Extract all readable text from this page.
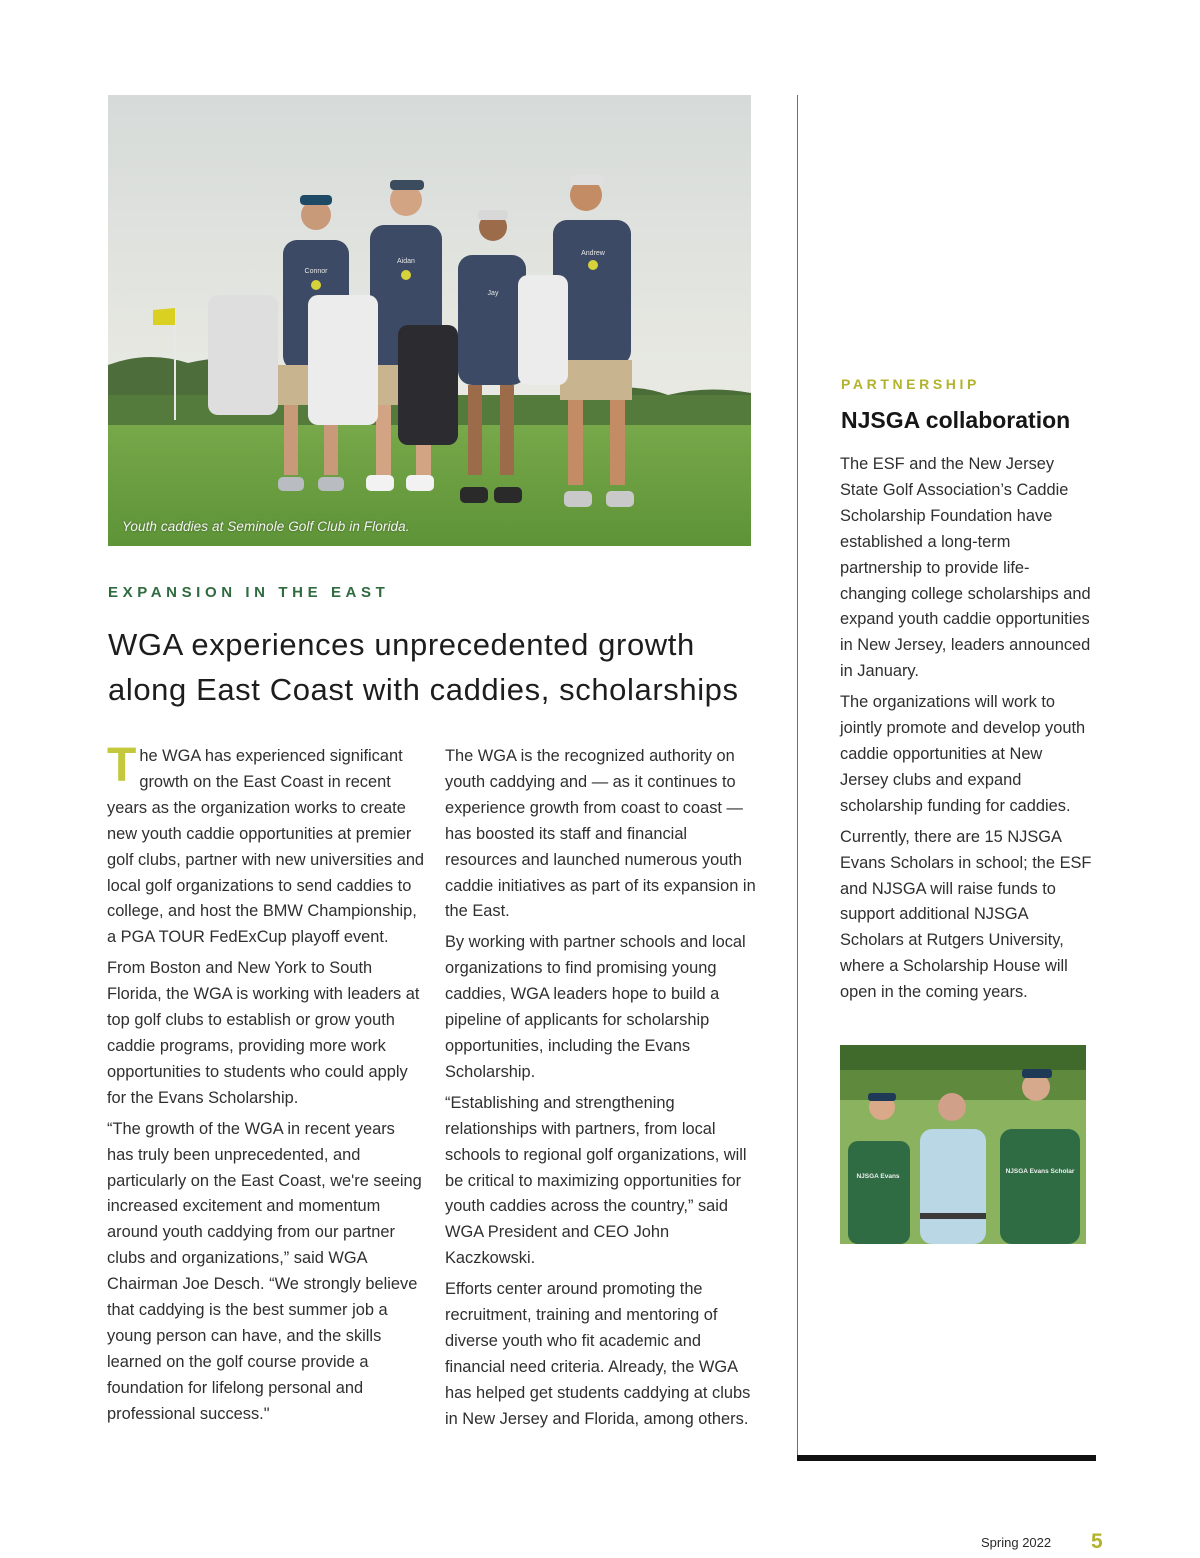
Connor
Aidan
Jay
Andrew
Youth caddies at Seminole Golf Club in Florida.
EXPANSION IN THE EAST
WGA experiences unprecedented growth
along East Coast with caddies, scholarships

The WGA has experienced significant growth on the East Coast in recent years as the organization works to create new youth caddie opportunities at premier golf clubs, partner with new universities and local golf organizations to send caddies to college, and host the BMW Championship, a PGA TOUR FedExCup playoff event.

From Boston and New York to South Florida, the WGA is working with leaders at top golf clubs to establish or grow youth caddie programs, providing more work opportunities to students who could apply for the Evans Scholarship.

“The growth of the WGA in recent years has truly been unprecedented, and particularly on the East Coast, we're seeing increased excitement and momentum around youth caddying from our partner clubs and organizations,” said WGA Chairman Joe Desch. “We strongly believe that caddying is the best summer job a young person can have, and the skills learned on the golf course provide a foundation for lifelong personal and professional success."

The WGA is the recognized authority on youth caddying and — as it continues to experience growth from coast to coast — has boosted its staff and financial resources and launched numerous youth caddie initiatives as part of its expansion in the East.

By working with partner schools and local organizations to find promising young caddies, WGA leaders hope to build a pipeline of applicants for scholarship opportunities, including the Evans Scholarship.

“Establishing and strengthening relationships with partners, from local schools to regional golf organizations, will be critical to maximizing opportunities for youth caddies across the country,” said WGA President and CEO John Kaczkowski.

Efforts center around promoting the recruitment, training and mentoring of diverse youth who fit academic and financial need criteria. Already, the WGA has helped get students caddying at clubs in New Jersey and Florida, among others.

PARTNERSHIP
NJSGA collaboration

The ESF and the New Jersey State Golf Association’s Caddie Scholarship Foundation have established a long-term partnership to provide life-changing college scholarships and expand youth caddie opportunities in New Jersey, leaders announced in January.

The organizations will work to jointly promote and develop youth caddie opportunities at New Jersey clubs and expand scholarship funding for caddies.

Currently, there are 15 NJSGA Evans Scholars in school; the ESF and NJSGA will raise funds to support additional NJSGA Scholars at Rutgers University, where a Scholarship House will open in the coming years.

NJSGA Evans
NJSGA Evans Scholar
Spring 2022 5
